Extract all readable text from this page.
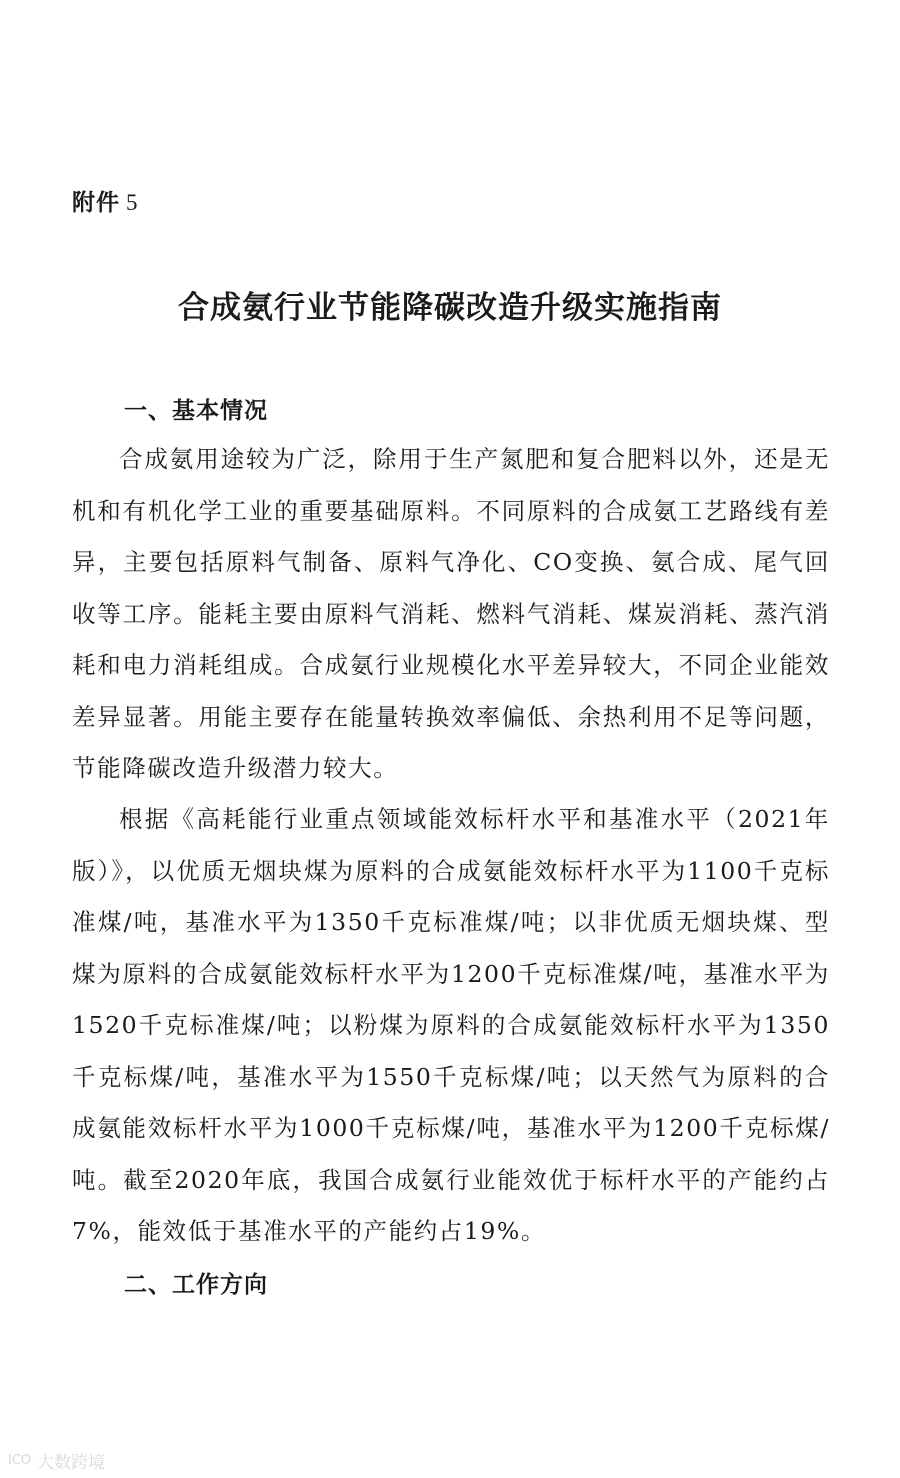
附件 5
合成氨行业节能降碳改造升级实施指南
一、基本情况
合成氨用途较为广泛，除用于生产氮肥和复合肥料以外，还是无机和有机化学工业的重要基础原料。不同原料的合成氨工艺路线有差异，主要包括原料气制备、原料气净化、CO变换、氨合成、尾气回收等工序。能耗主要由原料气消耗、燃料气消耗、煤炭消耗、蒸汽消耗和电力消耗组成。合成氨行业规模化水平差异较大，不同企业能效差异显著。用能主要存在能量转换效率偏低、余热利用不足等问题，节能降碳改造升级潜力较大。
根据《高耗能行业重点领域能效标杆水平和基准水平（2021年版）》，以优质无烟块煤为原料的合成氨能效标杆水平为1100千克标准煤/吨，基准水平为1350千克标准煤/吨；以非优质无烟块煤、型煤为原料的合成氨能效标杆水平为1200千克标准煤/吨，基准水平为1520千克标准煤/吨；以粉煤为原料的合成氨能效标杆水平为1350千克标煤/吨，基准水平为1550千克标煤/吨；以天然气为原料的合成氨能效标杆水平为1000千克标煤/吨，基准水平为1200千克标煤/吨。截至2020年底，我国合成氨行业能效优于标杆水平的产能约占7%，能效低于基准水平的产能约占19%。
二、工作方向
ICO 大数跨境
